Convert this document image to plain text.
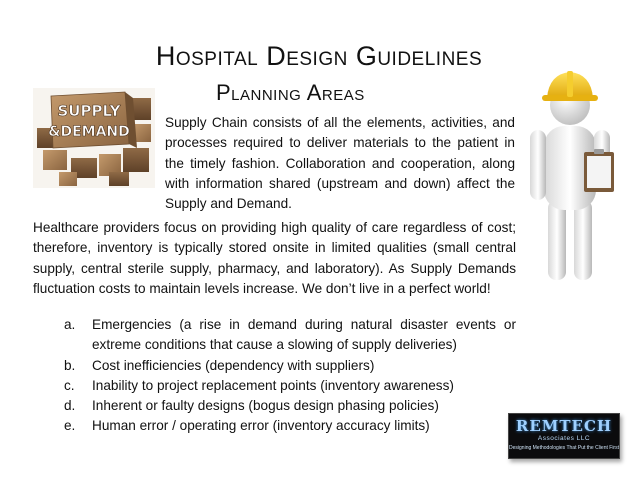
Hospital Design Guidelines
Planning Areas
SUPPLY
&DEMAND
Supply Chain consists of all the elements, activities, and processes required to deliver materials to the patient in the timely fashion. Collaboration and cooperation, along with information shared (upstream and down) affect the Supply and Demand.
Healthcare providers focus on providing high quality of care regardless of cost; therefore, inventory is typically stored onsite in limited qualities (small central supply, central sterile supply, pharmacy, and laboratory). As Supply Demands fluctuation costs to maintain levels increase. We don’t live in a perfect world!
a. Emergencies (a rise in demand during natural disaster events or extreme conditions that cause a slowing of supply deliveries)
b. Cost inefficiencies (dependency with suppliers)
c. Inability to project replacement points (inventory awareness)
d. Inherent or faulty designs (bogus design phasing policies)
e. Human error / operating error (inventory accuracy limits)	REMTECH
Associates LLC
Designing Methodologies That Put the Client First
